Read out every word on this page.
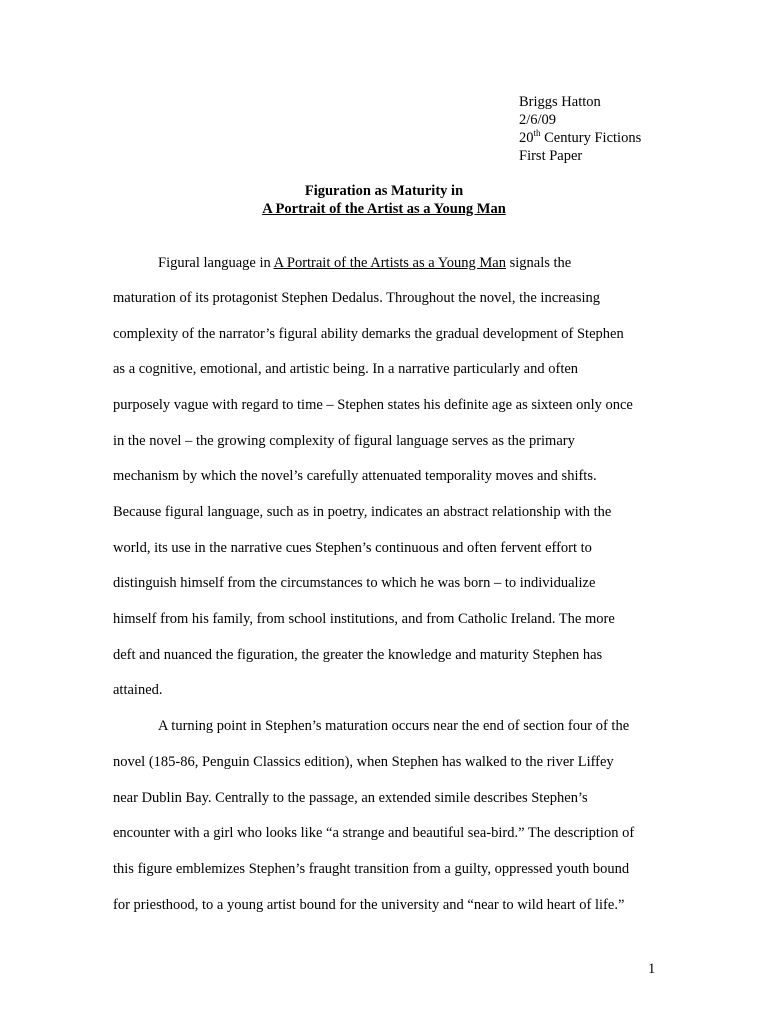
Briggs Hatton
2/6/09
20th Century Fictions
First Paper
Figuration as Maturity in
A Portrait of the Artist as a Young Man
Figural language in A Portrait of the Artists as a Young Man signals the
maturation of its protagonist Stephen Dedalus. Throughout the novel, the increasing
complexity of the narrator’s figural ability demarks the gradual development of Stephen
as a cognitive, emotional, and artistic being. In a narrative particularly and often
purposely vague with regard to time – Stephen states his definite age as sixteen only once
in the novel – the growing complexity of figural language serves as the primary
mechanism by which the novel’s carefully attenuated temporality moves and shifts.
Because figural language, such as in poetry, indicates an abstract relationship with the
world, its use in the narrative cues Stephen’s continuous and often fervent effort to
distinguish himself from the circumstances to which he was born – to individualize
himself from his family, from school institutions, and from Catholic Ireland. The more
deft and nuanced the figuration, the greater the knowledge and maturity Stephen has
attained.
A turning point in Stephen’s maturation occurs near the end of section four of the
novel (185-86, Penguin Classics edition), when Stephen has walked to the river Liffey
near Dublin Bay. Centrally to the passage, an extended simile describes Stephen’s
encounter with a girl who looks like “a strange and beautiful sea-bird.” The description of
this figure emblemizes Stephen’s fraught transition from a guilty, oppressed youth bound
for priesthood, to a young artist bound for the university and “near to wild heart of life.”
1
